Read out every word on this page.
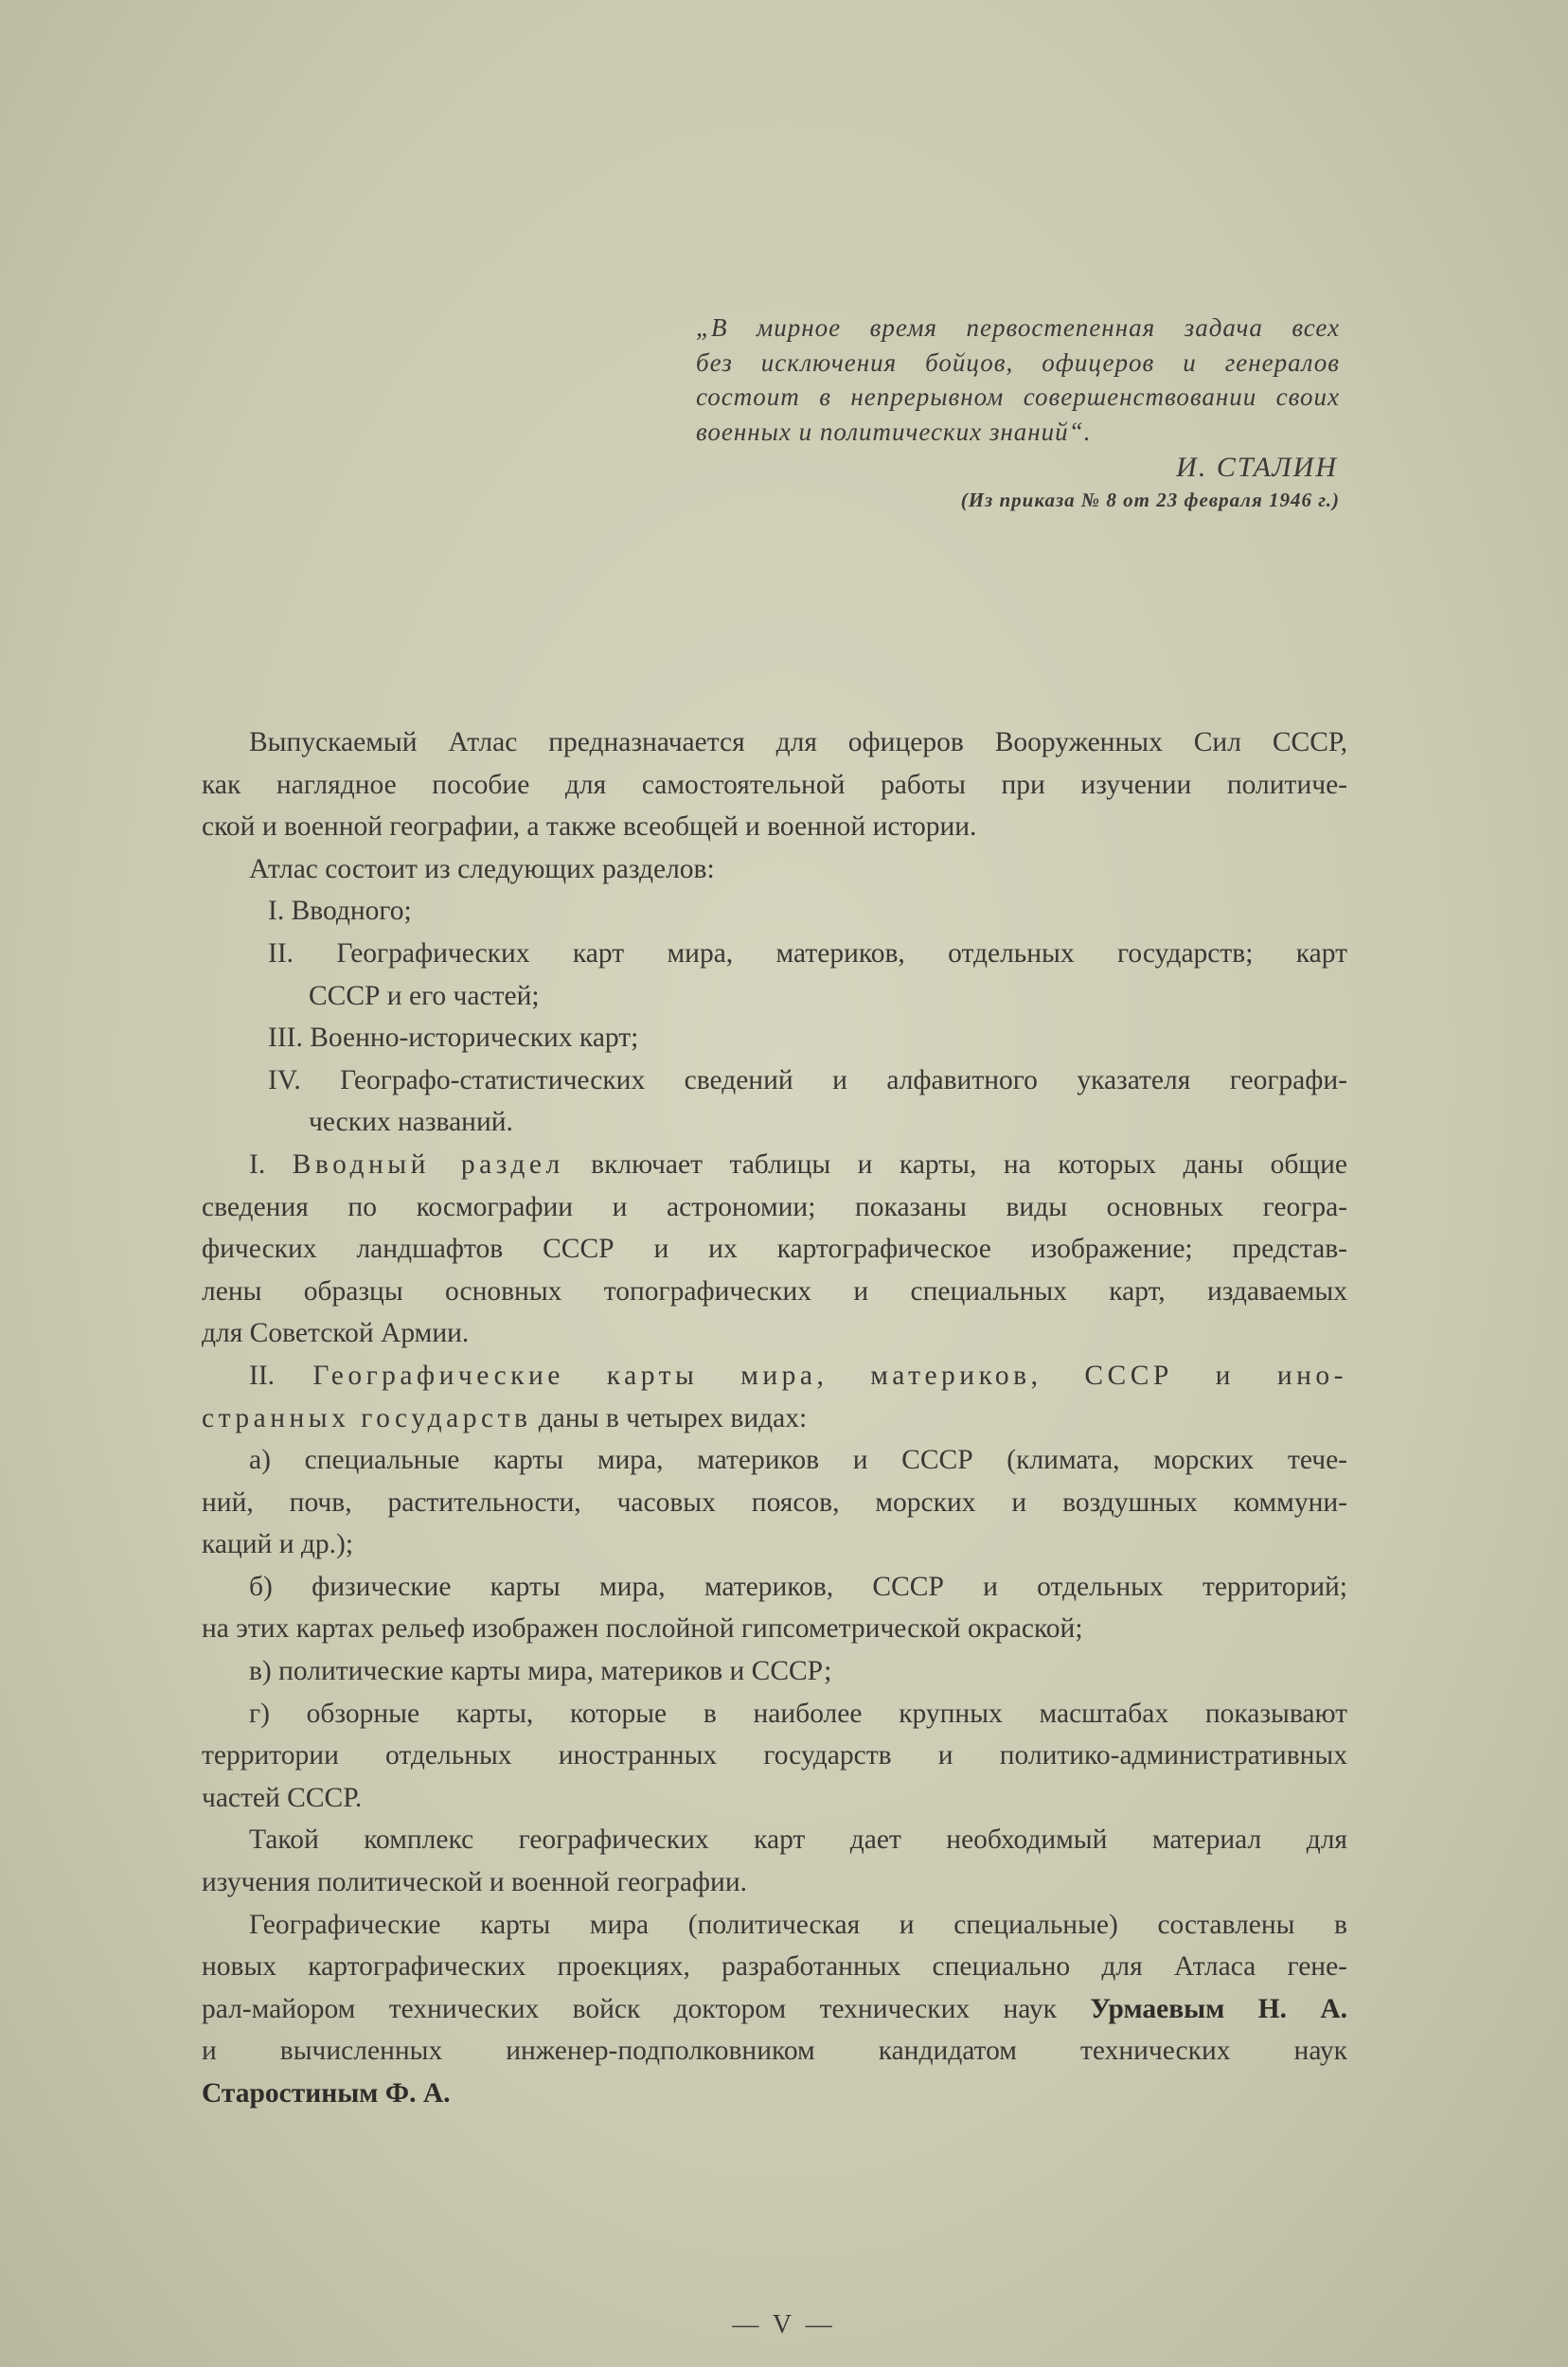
„В мирное время первостепенная задача всех
без исключения бойцов, офицеров и генералов
состоит в непрерывном совершенствовании своих
военных и политических знаний“.
И. СТАЛИН
(Из приказа № 8 от 23 февраля 1946 г.)
Выпускаемый Атлас предназначается для офицеров Вооруженных Сил СССР,
как наглядное пособие для самостоятельной работы при изучении политиче-
ской и военной географии, а также всеобщей и военной истории.
Атлас состоит из следующих разделов:
I. Вводного;
II. Географических карт мира, материков, отдельных государств; карт
СССР и его частей;
III. Военно-исторических карт;
IV. Географо-статистических сведений и алфавитного указателя географи-
ческих названий.
I. Вводный раздел включает таблицы и карты, на которых даны общие
сведения по космографии и астрономии; показаны виды основных геогра-
фических ландшафтов СССР и их картографическое изображение; представ-
лены образцы основных топографических и специальных карт, издаваемых
для Советской Армии.
II. Географические карты мира, материков, СССР и ино-
странных государств даны в четырех видах:
а) специальные карты мира, материков и СССР (климата, морских тече-
ний, почв, растительности, часовых поясов, морских и воздушных коммуни-
каций и др.);
б) физические карты мира, материков, СССР и отдельных территорий;
на этих картах рельеф изображен послойной гипсометрической окраской;
в) политические карты мира, материков и СССР;
г) обзорные карты, которые в наиболее крупных масштабах показывают
территории отдельных иностранных государств и политико-административных
частей СССР.
Такой комплекс географических карт дает необходимый материал для
изучения политической и военной географии.
Географические карты мира (политическая и специальные) составлены в
новых картографических проекциях, разработанных специально для Атласа гене-
рал-майором технических войск доктором технических наук Урмаевым Н. А.
и вычисленных инженер-подполковником кандидатом технических наук
Старостиным Ф. А.
— V —
